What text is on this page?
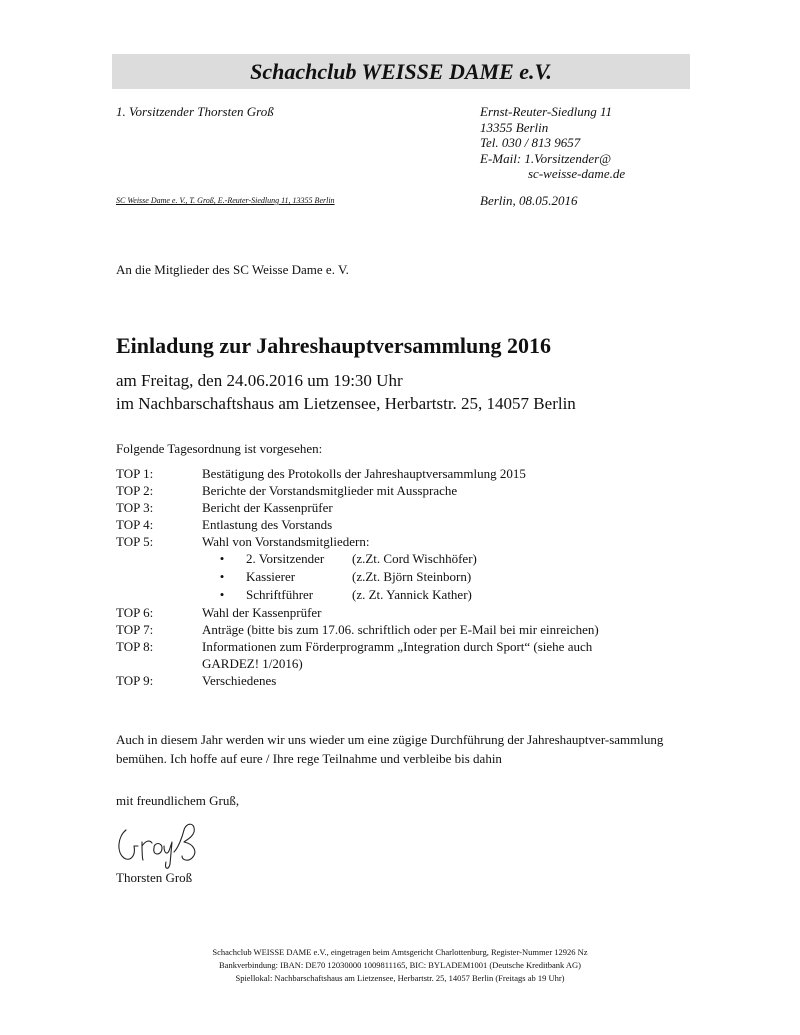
Schachclub WEISSE DAME e.V.
1. Vorsitzender Thorsten Groß
SC Weisse Dame e. V., T. Groß, E.-Reuter-Siedlung 11, 13355 Berlin
Ernst-Reuter-Siedlung 11
13355 Berlin
Tel. 030 / 813 9657
E-Mail: 1.Vorsitzender@
sc-weisse-dame.de
Berlin, 08.05.2016
An die Mitglieder des SC Weisse Dame e. V.
Einladung zur Jahreshauptversammlung 2016
am Freitag, den 24.06.2016 um 19:30 Uhr
im Nachbarschaftshaus am Lietzensee, Herbartstr. 25, 14057 Berlin
Folgende Tagesordnung ist vorgesehen:
TOP 1:	Bestätigung des Protokolls der Jahreshauptversammlung 2015
TOP 2:	Berichte der Vorstandsmitglieder mit Aussprache
TOP 3:	Bericht der Kassenprüfer
TOP 4:	Entlastung des Vorstands
TOP 5:	Wahl von Vorstandsmitgliedern:
•	2. Vorsitzender	(z.Zt. Cord Wischhöfer)
•	Kassierer	(z.Zt. Björn Steinborn)
•	Schriftführer	(z. Zt. Yannick Kather)
TOP 6:	Wahl der Kassenprüfer
TOP 7:	Anträge (bitte bis zum 17.06. schriftlich oder per E-Mail bei mir einreichen)
TOP 8:	Informationen zum Förderprogramm „Integration durch Sport“ (siehe auch GARDEZ! 1/2016)
TOP 9:	Verschiedenes
Auch in diesem Jahr werden wir uns wieder um eine zügige Durchführung der Jahreshauptver-sammlung bemühen. Ich hoffe auf eure / Ihre rege Teilnahme und verbleibe bis dahin
mit freundlichem Gruß,
Thorsten Groß
Schachclub WEISSE DAME e.V., eingetragen beim Amtsgericht Charlottenburg, Register-Nummer 12926 Nz
Bankverbindung: IBAN: DE70 12030000 1009811165, BIC: BYLADEM1001 (Deutsche Kreditbank AG)
Spiellokal: Nachbarschaftshaus am Lietzensee, Herbartstr. 25, 14057 Berlin (Freitags ab 19 Uhr)
